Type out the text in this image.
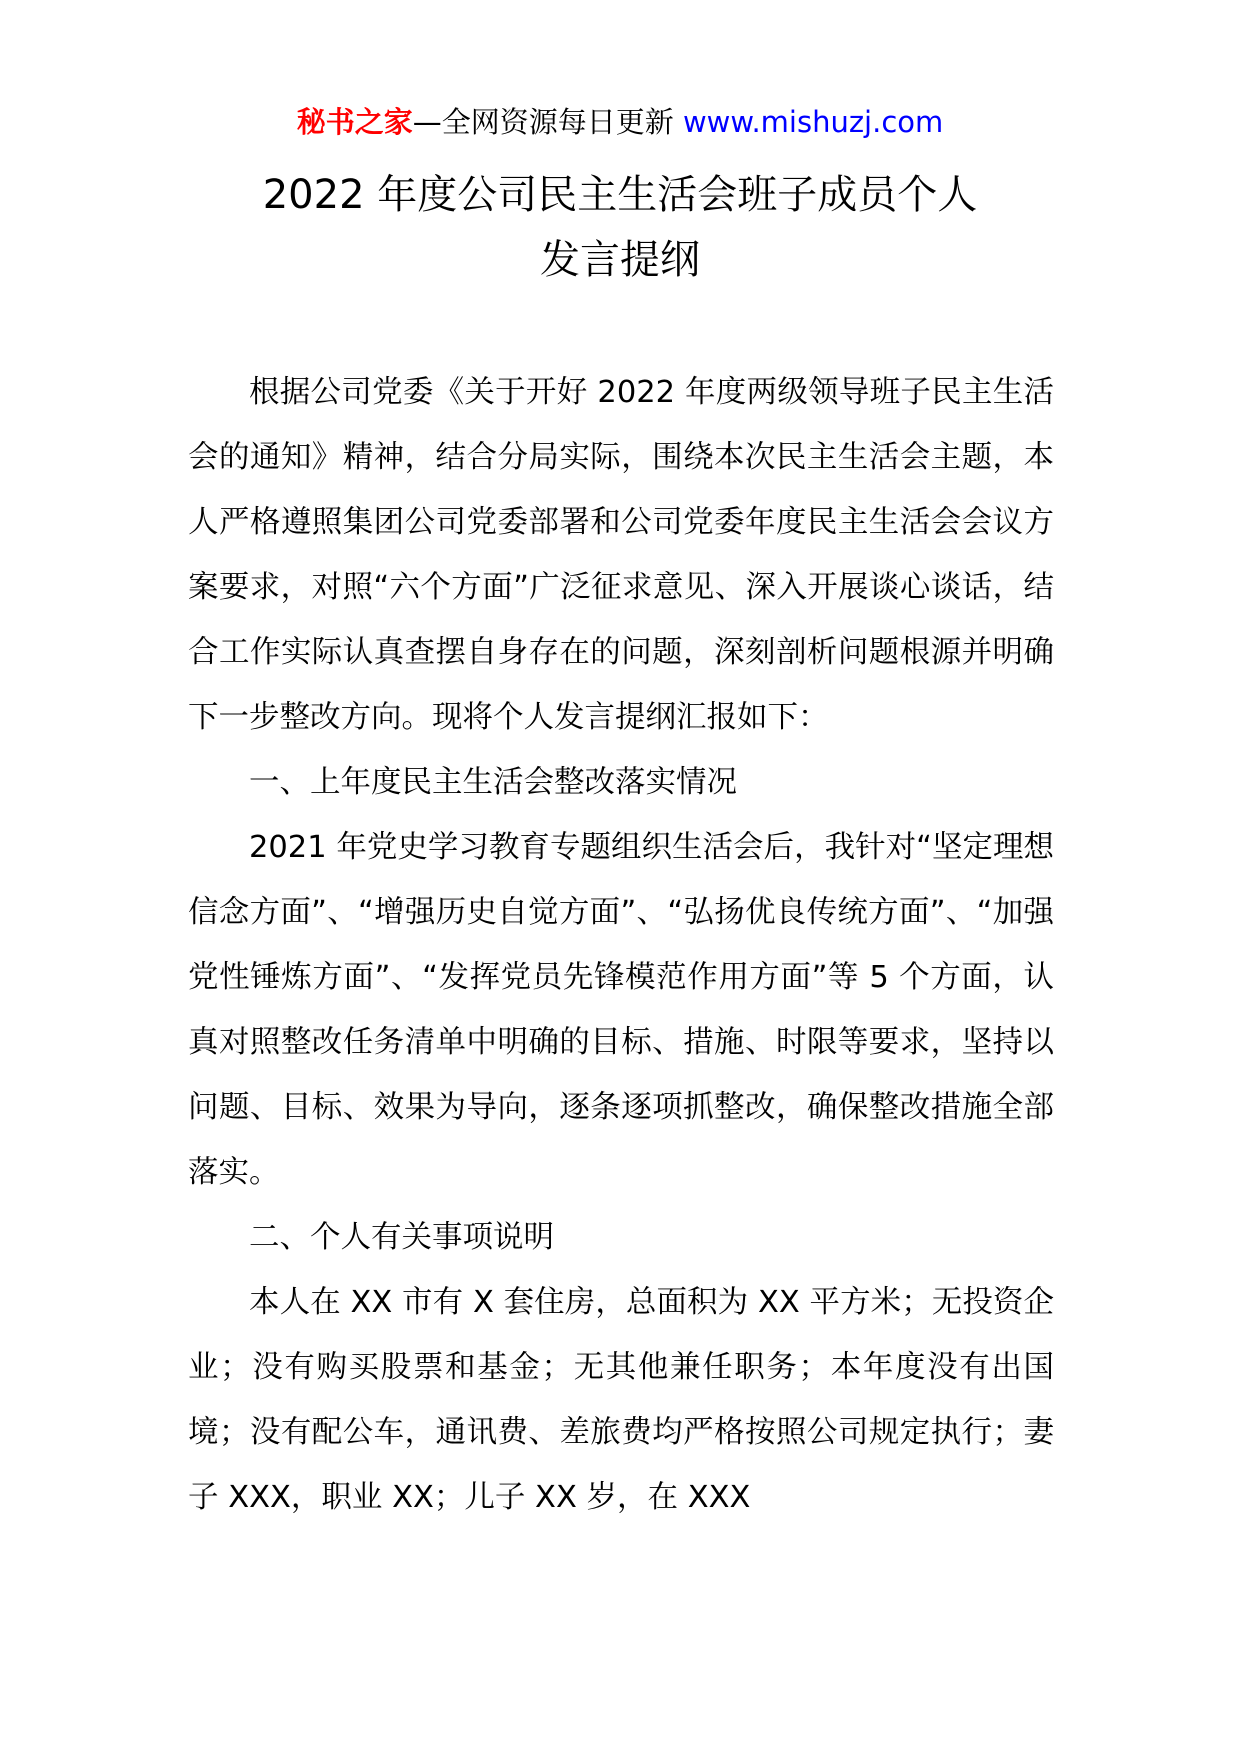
秘书之家—全网资源每日更新 www.mishuzj.com
2022 年度公司民主生活会班子成员个人
发言提纲

根据公司党委《关于开好 2022 年度两级领导班子民主生活会的通知》精神，结合分局实际，围绕本次民主生活会主题，本人严格遵照集团公司党委部署和公司党委年度民主生活会会议方案要求，对照“六个方面”广泛征求意见、深入开展谈心谈话，结合工作实际认真查摆自身存在的问题，深刻剖析问题根源并明确下一步整改方向。现将个人发言提纲汇报如下：

一、上年度民主生活会整改落实情况

2021 年党史学习教育专题组织生活会后，我针对“坚定理想信念方面”、“增强历史自觉方面”、“弘扬优良传统方面”、“加强党性锤炼方面”、“发挥党员先锋模范作用方面”等 5 个方面，认真对照整改任务清单中明确的目标、措施、时限等要求，坚持以问题、目标、效果为导向，逐条逐项抓整改，确保整改措施全部落实。

二、个人有关事项说明

本人在 XX 市有 X 套住房，总面积为 XX 平方米；无投资企业；没有购买股票和基金；无其他兼任职务；本年度没有出国境；没有配公车，通讯费、差旅费均严格按照公司规定执行；妻子 XXX，职业 XX；儿子 XX 岁，在 XXX
